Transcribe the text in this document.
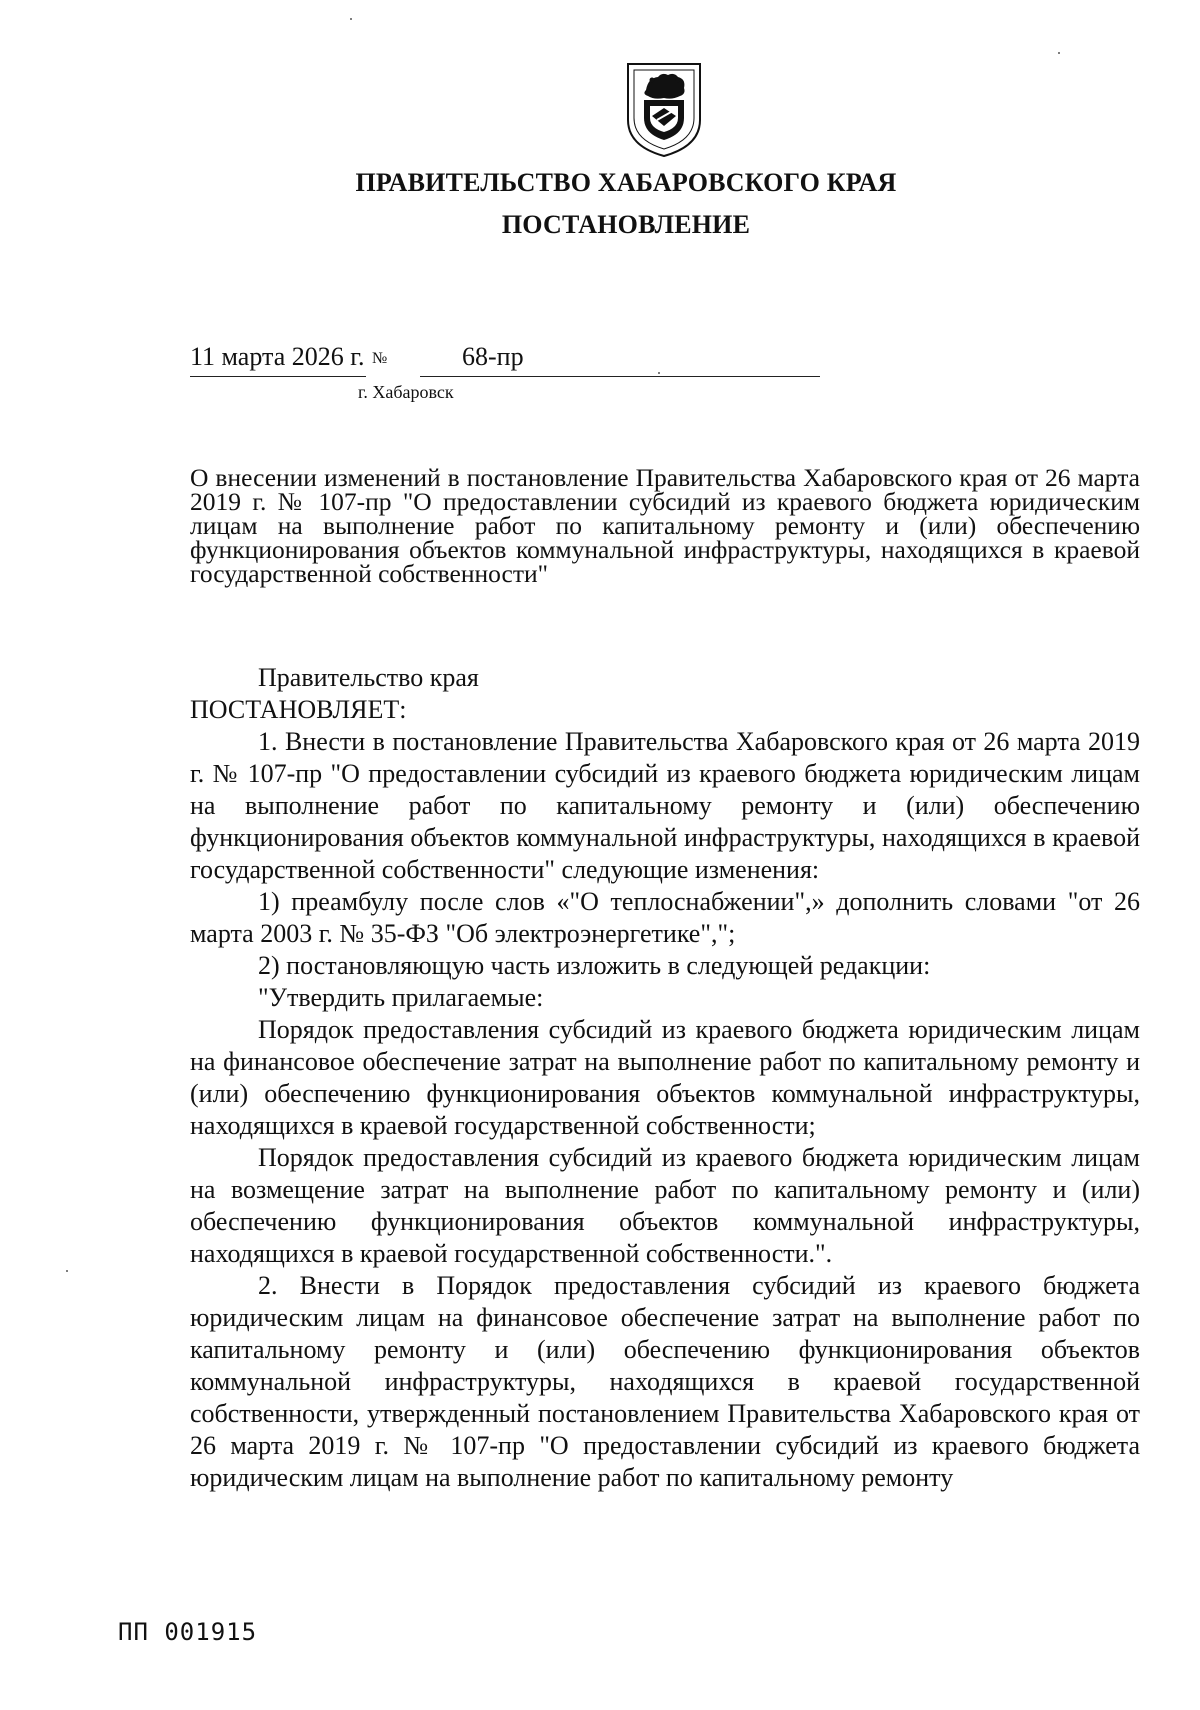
ПРАВИТЕЛЬСТВО ХАБАРОВСКОГО КРАЯ
ПОСТАНОВЛЕНИЕ
11 марта 2026 г. №	68-пр
г. Хабаровск
О внесении изменений в постановление Правительства Хабаровского края от 26 марта 2019 г. № 107-пр "О предоставлении субсидий из краевого бюджета юридическим лицам на выполнение работ по капитальному ремонту и (или) обеспечению функционирования объектов коммунальной инфраструктуры, находящихся в краевой государственной собственности"

Правительство края

ПОСТАНОВЛЯЕТ:

1. Внести в постановление Правительства Хабаровского края от 26 марта 2019 г. № 107-пр "О предоставлении субсидий из краевого бюджета юридическим лицам на выполнение работ по капитальному ремонту и (или) обеспечению функционирования объектов коммунальной инфраструктуры, находящихся в краевой государственной собственности" следующие изменения:

1) преамбулу после слов «"О теплоснабжении",» дополнить словами "от 26 марта 2003 г. № 35-ФЗ "Об электроэнергетике",";

2) постановляющую часть изложить в следующей редакции:

"Утвердить прилагаемые:

Порядок предоставления субсидий из краевого бюджета юридическим лицам на финансовое обеспечение затрат на выполнение работ по капитальному ремонту и (или) обеспечению функционирования объектов коммунальной инфраструктуры, находящихся в краевой государственной собственности;

Порядок предоставления субсидий из краевого бюджета юридическим лицам на возмещение затрат на выполнение работ по капитальному ремонту и (или) обеспечению функционирования объектов коммунальной инфраструктуры, находящихся в краевой государственной собственности.".

2. Внести в Порядок предоставления субсидий из краевого бюджета юридическим лицам на финансовое обеспечение затрат на выполнение работ по капитальному ремонту и (или) обеспечению функционирования объектов коммунальной инфраструктуры, находящихся в краевой государственной собственности, утвержденный постановлением Правительства Хабаровского края от 26 марта 2019 г. № 107-пр "О предоставлении субсидий из краевого бюджета юридическим лицам на выполнение работ по капитальному ремонту

ПП 001915
